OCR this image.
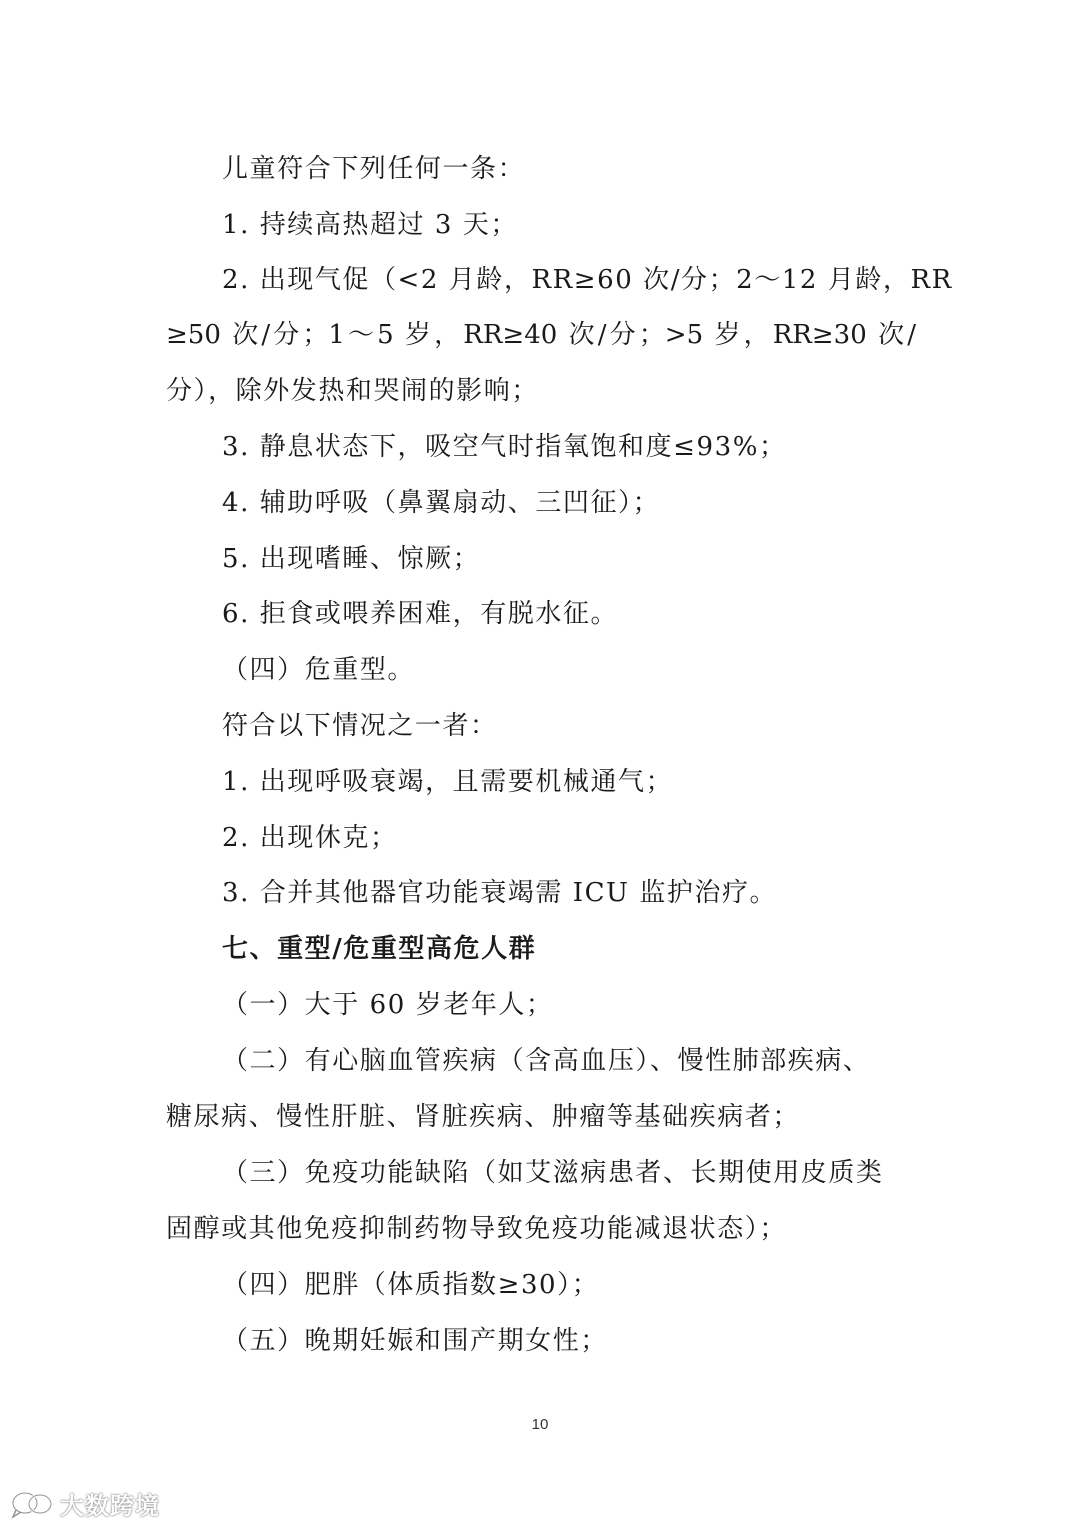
儿童符合下列任何一条：
1. 持续高热超过 3 天；
2. 出现气促（<2 月龄，RR≥60 次/分；2～12 月龄，RR
≥50 次/分；1～5 岁，RR≥40 次/分；>5 岁，RR≥30 次/
分），除外发热和哭闹的影响；
3. 静息状态下，吸空气时指氧饱和度≤93%；
4. 辅助呼吸（鼻翼扇动、三凹征）；
5. 出现嗜睡、惊厥；
6. 拒食或喂养困难，有脱水征。
（四）危重型。
符合以下情况之一者：
1. 出现呼吸衰竭，且需要机械通气；
2. 出现休克；
3. 合并其他器官功能衰竭需 ICU 监护治疗。
七、重型/危重型高危人群
（一）大于 60 岁老年人；
（二）有心脑血管疾病（含高血压）、慢性肺部疾病、
糖尿病、慢性肝脏、肾脏疾病、肿瘤等基础疾病者；
（三）免疫功能缺陷（如艾滋病患者、长期使用皮质类
固醇或其他免疫抑制药物导致免疫功能减退状态）；
（四）肥胖（体质指数≥30）；
（五）晚期妊娠和围产期女性；
10
大数跨境
